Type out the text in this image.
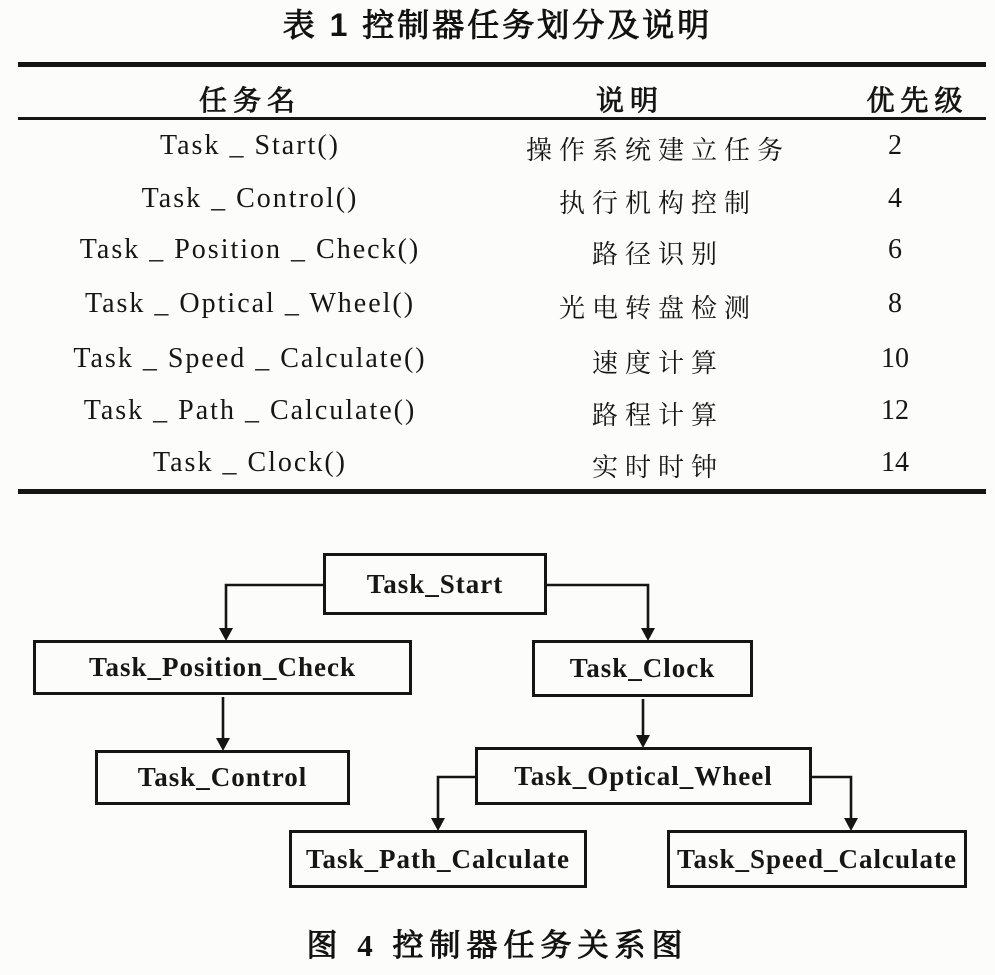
表 1 控制器任务划分及说明
任务名	说明	优先级
Task _ Start()	操作系统建立任务	2
Task _ Control()	执行机构控制	4
Task _ Position _ Check()	路径识别	6
Task _ Optical _ Wheel()	光电转盘检测	8
Task _ Speed _ Calculate()	速度计算	10
Task _ Path _ Calculate()	路程计算	12
Task _ Clock()	实时时钟	14
Task_Start
Task_Position_Check	Task_Clock
Task_Control	Task_Optical_Wheel
Task_Path_Calculate	Task_Speed_Calculate
图 4 控制器任务关系图
